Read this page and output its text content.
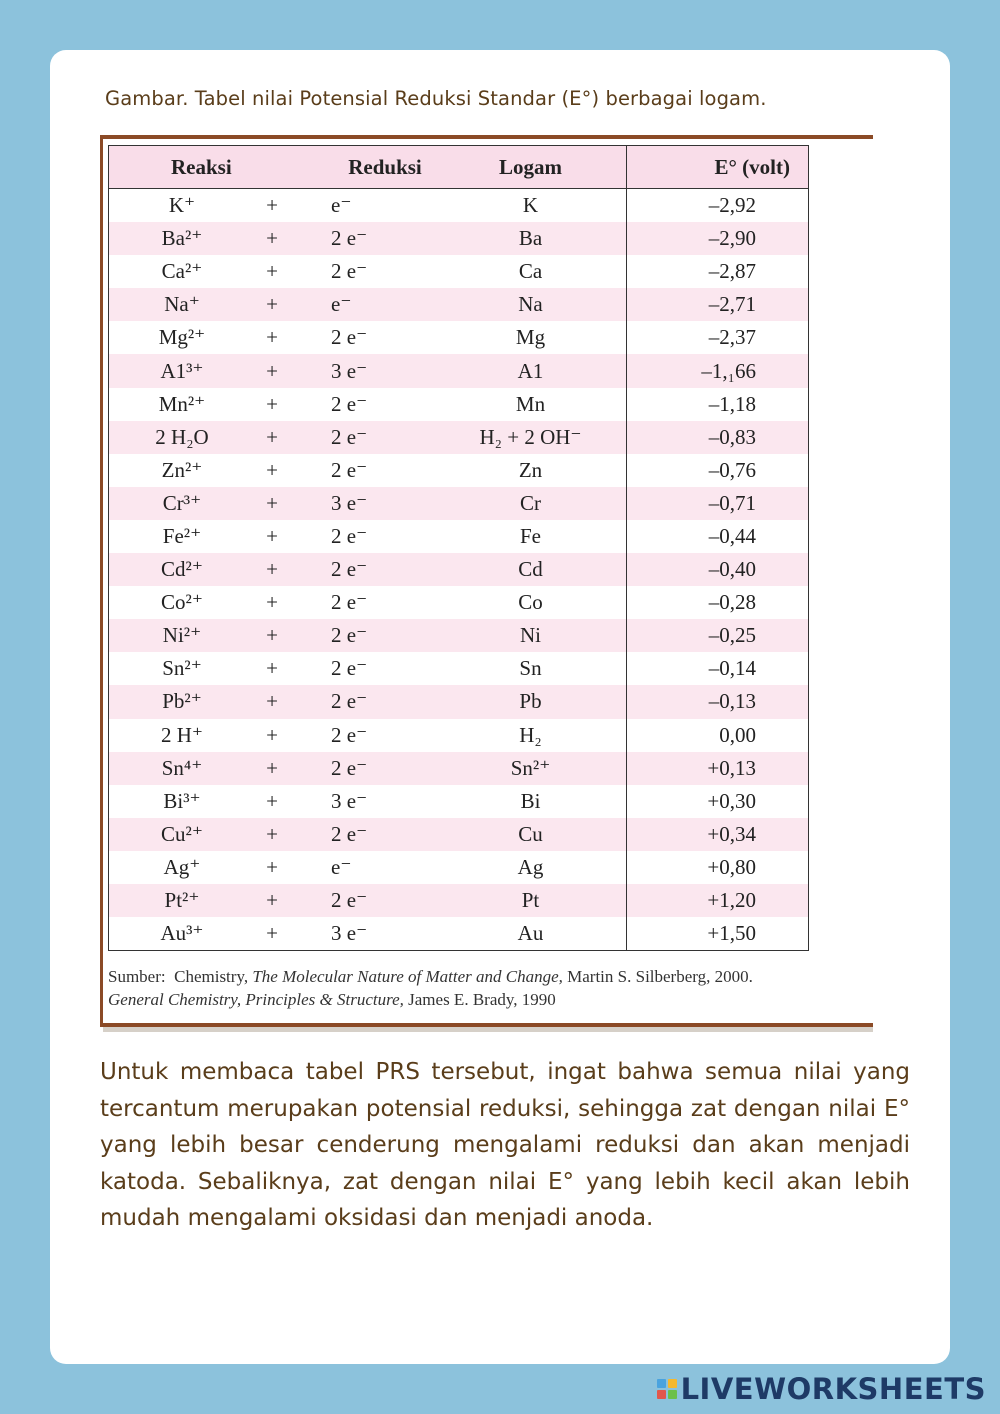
Gambar. Tabel nilai Potensial Reduksi Standar (E°) berbagai logam.
Reaksi	Reduksi	Logam	E° (volt)
K⁺	+	e⁻	K	–2,92
Ba²⁺	+	2 e⁻	Ba	–2,90
Ca²⁺	+	2 e⁻	Ca	–2,87
Na⁺	+	e⁻	Na	–2,71
Mg²⁺	+	2 e⁻	Mg	–2,37
A1³⁺	+	3 e⁻	A1	–1,₁66
Mn²⁺	+	2 e⁻	Mn	–1,18
2 H₂O	+	2 e⁻	H₂ + 2 OH⁻	–0,83
Zn²⁺	+	2 e⁻	Zn	–0,76
Cr³⁺	+	3 e⁻	Cr	–0,71
Fe²⁺	+	2 e⁻	Fe	–0,44
Cd²⁺	+	2 e⁻	Cd	–0,40
Co²⁺	+	2 e⁻	Co	–0,28
Ni²⁺	+	2 e⁻	Ni	–0,25
Sn²⁺	+	2 e⁻	Sn	–0,14
Pb²⁺	+	2 e⁻	Pb	–0,13
2 H⁺	+	2 e⁻	H₂	0,00
Sn⁴⁺	+	2 e⁻	Sn²⁺	+0,13
Bi³⁺	+	3 e⁻	Bi	+0,30
Cu²⁺	+	2 e⁻	Cu	+0,34
Ag⁺	+	e⁻	Ag	+0,80
Pt²⁺	+	2 e⁻	Pt	+1,20
Au³⁺	+	3 e⁻	Au	+1,50
Sumber: Chemistry, The Molecular Nature of Matter and Change, Martin S. Silberberg, 2000.
General Chemistry, Principles & Structure, James E. Brady, 1990
Untuk membaca tabel PRS tersebut, ingat bahwa semua nilai yang tercantum merupakan potensial reduksi, sehingga zat dengan nilai E° yang lebih besar cenderung mengalami reduksi dan akan menjadi katoda. Sebaliknya, zat dengan nilai E° yang lebih kecil akan lebih mudah mengalami oksidasi dan menjadi anoda.
LIVEWORKSHEETS
